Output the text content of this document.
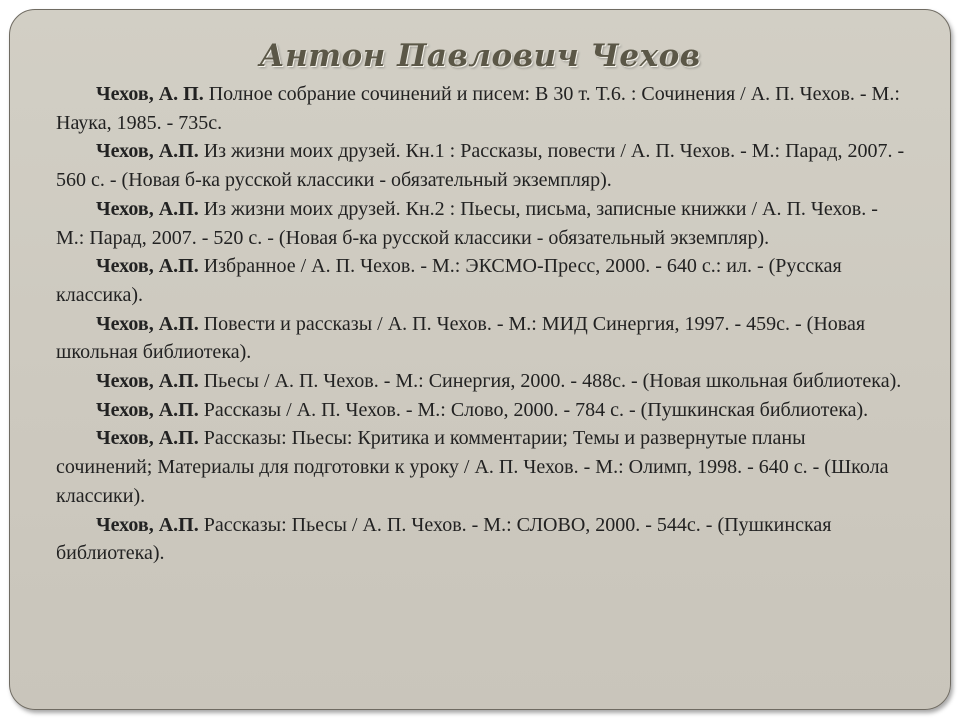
Антон Павлович Чехов
Чехов, А. П. Полное собрание сочинений и писем: В 30 т. Т.6. : Сочинения / А. П. Чехов. - М.: Наука, 1985. - 735с.
Чехов, А.П. Из жизни моих друзей. Кн.1 : Рассказы, повести / А. П. Чехов. - М.: Парад, 2007. - 560 с. - (Новая б-ка русской классики - обязательный экземпляр).
Чехов, А.П. Из жизни моих друзей. Кн.2 : Пьесы, письма, записные книжки / А. П. Чехов. - М.: Парад, 2007. - 520 с. - (Новая б-ка русской классики - обязательный экземпляр).
Чехов, А.П. Избранное / А. П. Чехов. - М.: ЭКСМО-Пресс, 2000. - 640 с.: ил. - (Русская классика).
Чехов, А.П. Повести и рассказы / А. П. Чехов. - М.: МИД Синергия, 1997. - 459с. - (Новая школьная библиотека).
Чехов, А.П. Пьесы / А. П. Чехов. - М.: Синергия, 2000. - 488с. - (Новая школьная библиотека).
Чехов, А.П. Рассказы / А. П. Чехов. - М.: Слово, 2000. - 784 с. - (Пушкинская библиотека).
Чехов, А.П. Рассказы: Пьесы: Критика и комментарии; Темы и развернутые планы сочинений; Материалы для подготовки к уроку / А. П. Чехов. - М.: Олимп, 1998. - 640 с. - (Школа классики).
Чехов, А.П. Рассказы: Пьесы / А. П. Чехов. - М.: СЛОВО, 2000. - 544с. - (Пушкинская библиотека).
